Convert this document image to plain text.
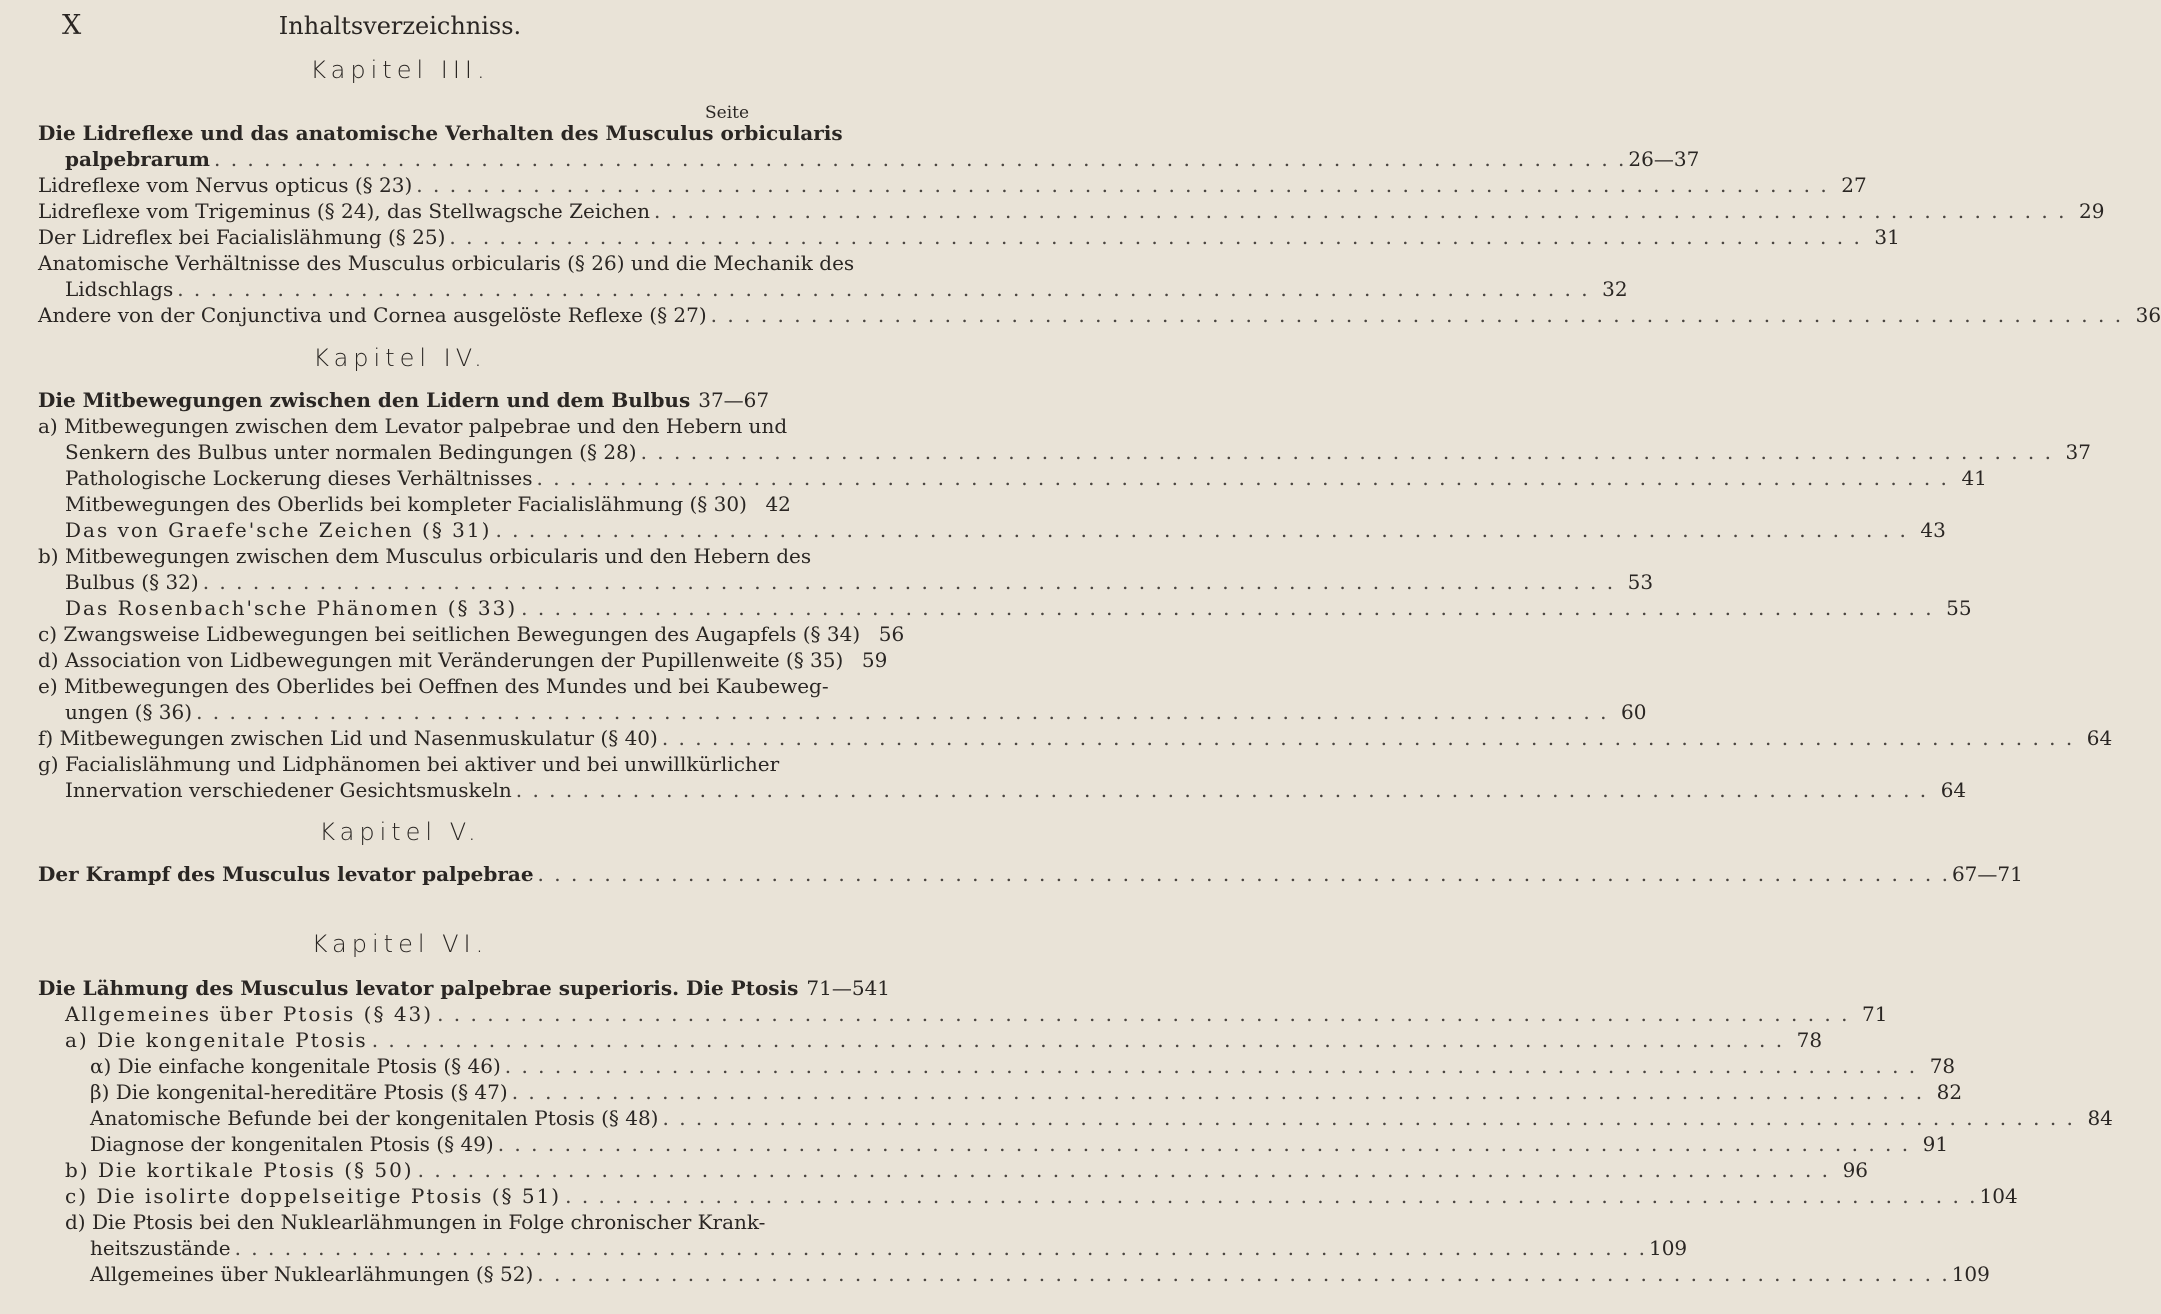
X	Inhaltsverzeichniss.
Kapitel III.
Seite
Die Lidreflexe und das anatomische Verhalten des Musculus orbicularis
palpebrarum . . .	26—37
Lidreflexe vom Nervus opticus (§ 23) . . .	27
Lidreflexe vom Trigeminus (§ 24), das Stellwagsche Zeichen . . .	29
Der Lidreflex bei Facialislähmung (§ 25) . . .	31
Anatomische Verhältnisse des Musculus orbicularis (§ 26) und die Mechanik des
Lidschlags . . .	32
Andere von der Conjunctiva und Cornea ausgelöste Reflexe (§ 27) . . .	36
Kapitel IV.
Die Mitbewegungen zwischen den Lidern und dem Bulbus 37—67
a) Mitbewegungen zwischen dem Levator palpebrae und den Hebern und
Senkern des Bulbus unter normalen Bedingungen (§ 28) . . .	37
Pathologische Lockerung dieses Verhältnisses . . .	41
Mitbewegungen des Oberlids bei kompleter Facialislähmung (§ 30) 42
Das von Graefe'sche Zeichen (§ 31) . . .	43
b) Mitbewegungen zwischen dem Musculus orbicularis und den Hebern des
Bulbus (§ 32) . . .	53
Das Rosenbach'sche Phänomen (§ 33) . . .	55
c) Zwangsweise Lidbewegungen bei seitlichen Bewegungen des Augapfels (§ 34) 56
d) Association von Lidbewegungen mit Veränderungen der Pupillenweite (§ 35) 59
e) Mitbewegungen des Oberlides bei Oeffnen des Mundes und bei Kaubeweg-
ungen (§ 36) . . .	60
f) Mitbewegungen zwischen Lid und Nasenmuskulatur (§ 40) . . .	64
g) Facialislähmung und Lidphänomen bei aktiver und bei unwillkürlicher
Innervation verschiedener Gesichtsmuskeln . . .	64
Kapitel V.
Der Krampf des Musculus levator palpebrae . . .	67—71
Kapitel VI.
Die Lähmung des Musculus levator palpebrae superioris. Die Ptosis 71—541
Allgemeines über Ptosis (§ 43) . . .	71
a) Die kongenitale Ptosis . . .	78
α) Die einfache kongenitale Ptosis (§ 46) . . .	78
β) Die kongenital-hereditäre Ptosis (§ 47) . . .	82
Anatomische Befunde bei der kongenitalen Ptosis (§ 48) . . .	84
Diagnose der kongenitalen Ptosis (§ 49) . . .	91
b) Die kortikale Ptosis (§ 50) . . .	96
c) Die isolirte doppelseitige Ptosis (§ 51) . . .	104
d) Die Ptosis bei den Nuklearlähmungen in Folge chronischer Krank-
heitszustände . . .	109
Allgemeines über Nuklearlähmungen (§ 52) . . .	109
